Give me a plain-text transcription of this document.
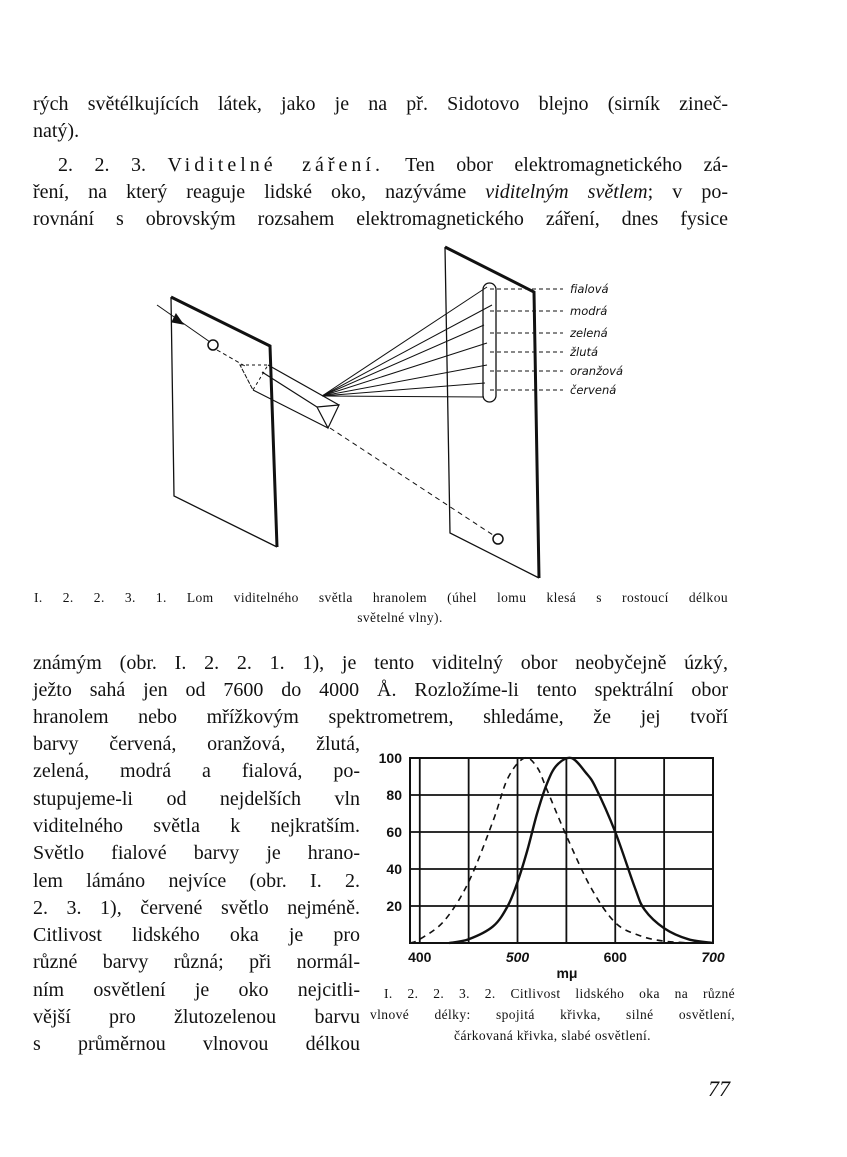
rých světélkujících látek, jako je na př. Sidotovo blejno (sirník zineč-
natý).
2. 2. 3. Viditelné záření. Ten obor elektromagnetického zá-
ření, na který reaguje lidské oko, nazýváme viditelným světlem; v po-
rovnání s obrovským rozsahem elektromagnetického záření, dnes fysice
fialová
modrá
zelená
žlutá
oranžová
červená
I. 2. 2. 3. 1. Lom viditelného světla hranolem (úhel lomu klesá s rostoucí délkou
světelné vlny).
známým (obr. I. 2. 2. 1. 1), je tento viditelný obor neobyčejně úzký,
ježto sahá jen od 7600 do 4000 Å. Rozložíme-li tento spektrální obor
hranolem nebo mřížkovým spektrometrem, shledáme, že jej tvoří
barvy červená, oranžová, žlutá,
zelená, modrá a fialová, po-
stupujeme-li od nejdelších vln
viditelného světla k nejkratším.
Světlo fialové barvy je hrano-
lem lámáno nejvíce (obr. I. 2.
2. 3. 1), červené světlo nejméně.
Citlivost lidského oka je pro
různé barvy různá; při normál-
ním osvětlení je oko nejcitli-
vější pro žlutozelenou barvu
s průměrnou vlnovou délkou
20
40
60
80
100
400	500	600	700
mμ
I. 2. 2. 3. 2. Citlivost lidského oka na různé
vlnové délky: spojitá křivka, silné osvětlení,
čárkovaná křivka, slabé osvětlení.
77
